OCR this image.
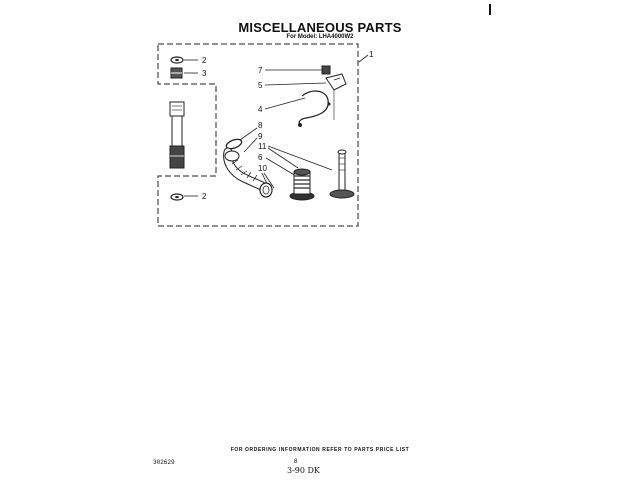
MISCELLANEOUS PARTS
For Model: LHA4000W2
1
2
3
2
7
5
4
8
9
11
6
10
FOR ORDERING INFORMATION REFER TO PARTS PRICE LIST
302629	8
3-90 DK
